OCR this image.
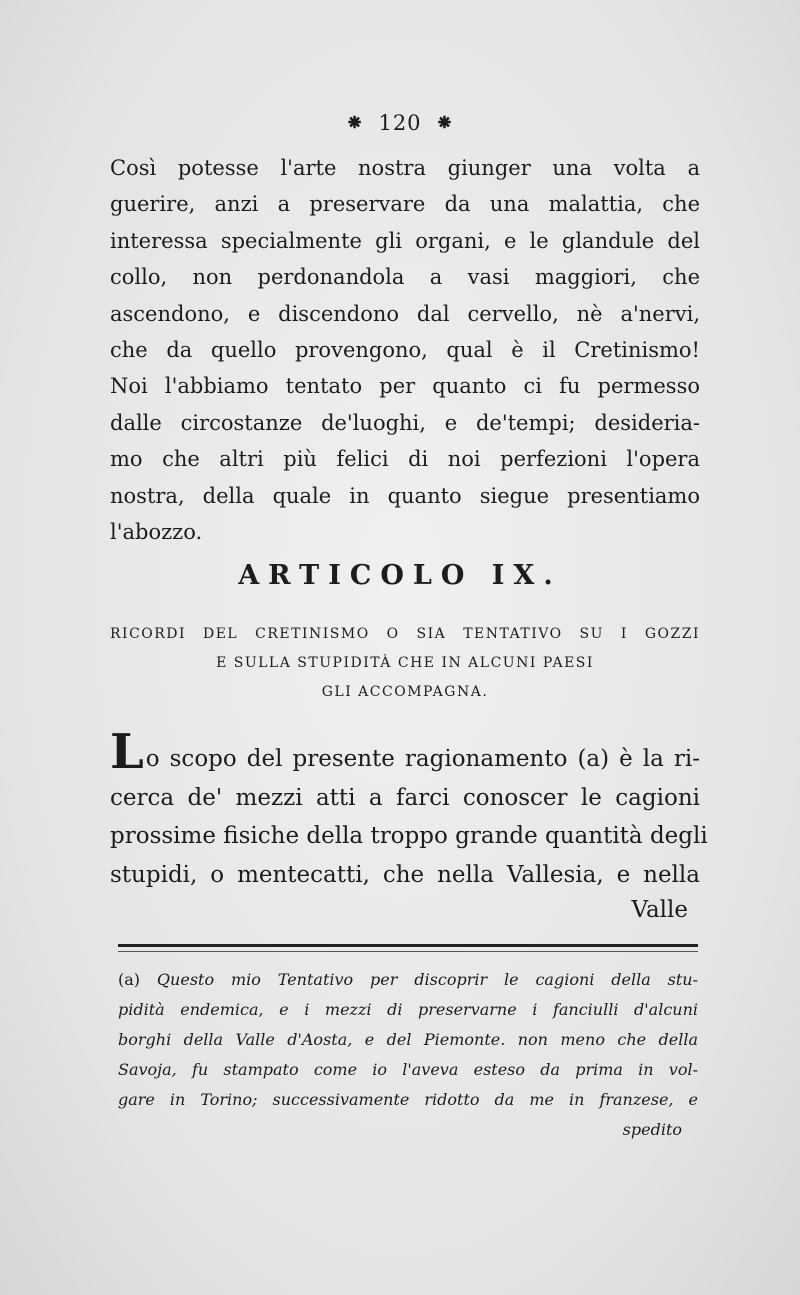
⁕ 120 ⁕
Così potesse l'arte nostra giunger una volta a
guerire, anzi a preservare da una malattia, che
interessa specialmente gli organi, e le glandule del
collo, non perdonandola a vasi maggiori, che
ascendono, e discendono dal cervello, nè a'nervi,
che da quello provengono, qual è il Cretinismo!
Noi l'abbiamo tentato per quanto ci fu permesso
dalle circostanze de'luoghi, e de'tempi; desideria-
mo che altri più felici di noi perfezioni l'opera
nostra, della quale in quanto siegue presentiamo
l'abozzo.
ARTICOLO IX.
RICORDI DEL CRETINISMO O SIA TENTATIVO SU I GOZZI
E SULLA STUPIDITÀ CHE IN ALCUNI PAESI
GLI ACCOMPAGNA.
Lo scopo del presente ragionamento (a) è la ri-
cerca de' mezzi atti a farci conoscer le cagioni
prossime fisiche della troppo grande quantità degli
stupidi, o mentecatti, che nella Vallesia, e nella
Valle
(a) Questo mio Tentativo per discoprir le cagioni della stu-
pidità endemica, e i mezzi di preservarne i fanciulli d'alcuni
borghi della Valle d'Aosta, e del Piemonte. non meno che della
Savoja, fu stampato come io l'aveva esteso da prima in vol-
gare in Torino; successivamente ridotto da me in franzese, e
spedito
